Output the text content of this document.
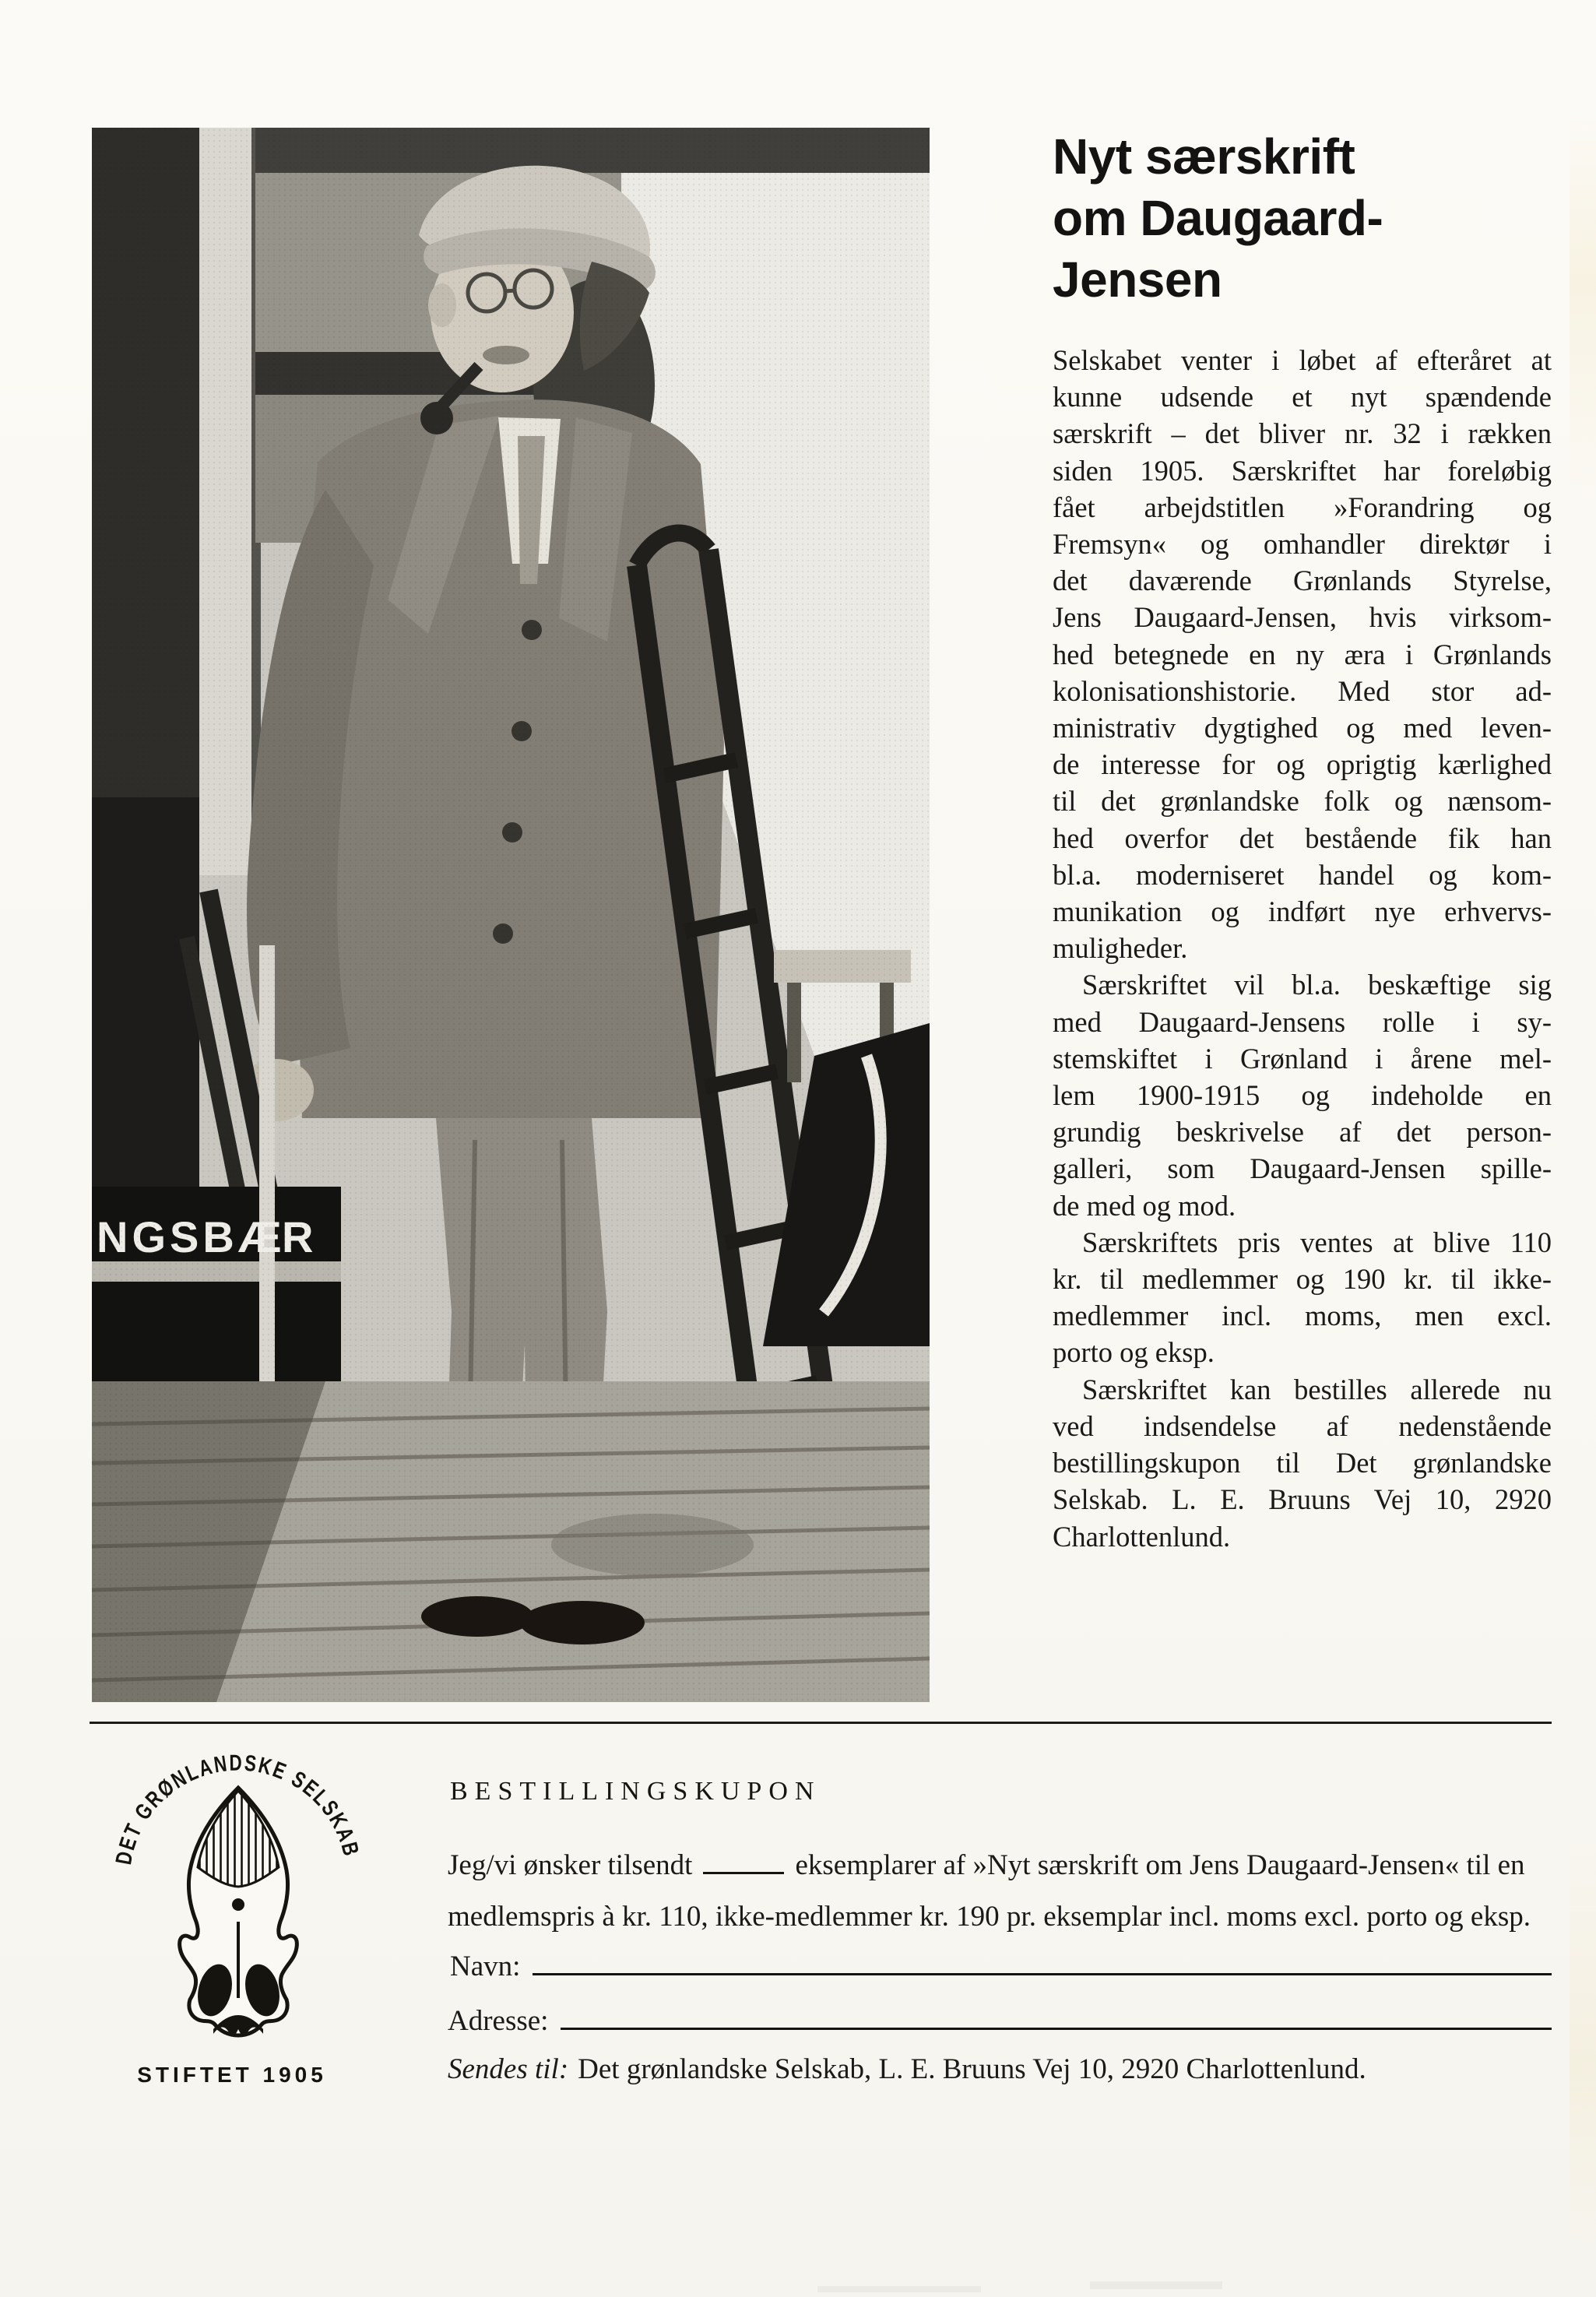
Nyt særskrift
om Daugaard-
Jensen
Selskabet venter i løbet af efteråret at
kunne udsende et nyt spændende
særskrift – det bliver nr. 32 i rækken
siden 1905. Særskriftet har foreløbig
fået arbejdstitlen »Forandring og
Fremsyn« og omhandler direktør i
det daværende Grønlands Styrelse,
Jens Daugaard-Jensen, hvis virksom-
hed betegnede en ny æra i Grønlands
kolonisationshistorie. Med stor ad-
ministrativ dygtighed og med leven-
de interesse for og oprigtig kærlighed
til det grønlandske folk og nænsom-
hed overfor det bestående fik han
bl.a. moderniseret handel og kom-
munikation og indført nye erhvervs-
muligheder.
Særskriftet vil bl.a. beskæftige sig
med Daugaard-Jensens rolle i sy-
stemskiftet i Grønland i årene mel-
lem 1900-1915 og indeholde en
grundig beskrivelse af det person-
galleri, som Daugaard-Jensen spille-
de med og mod.
Særskriftets pris ventes at blive 110
kr. til medlemmer og 190 kr. til ikke-
medlemmer incl. moms, men excl.
porto og eksp.
Særskriftet kan bestilles allerede nu
ved indsendelse af nedenstående
bestillingskupon til Det grønlandske
Selskab. L. E. Bruuns Vej 10, 2920
Charlottenlund.
DET GRØNLANDSKE SELSKAB
STIFTET 1905
BESTILLINGSKUPON
Jeg/vi ønsker tilsendt	eksemplarer af »Nyt særskrift om Jens Daugaard-Jensen« til en
medlemspris à kr. 110, ikke-medlemmer kr. 190 pr. eksemplar incl. moms excl. porto og eksp.
Navn:
Adresse:
Sendes til: Det grønlandske Selskab, L. E. Bruuns Vej 10, 2920 Charlottenlund.
